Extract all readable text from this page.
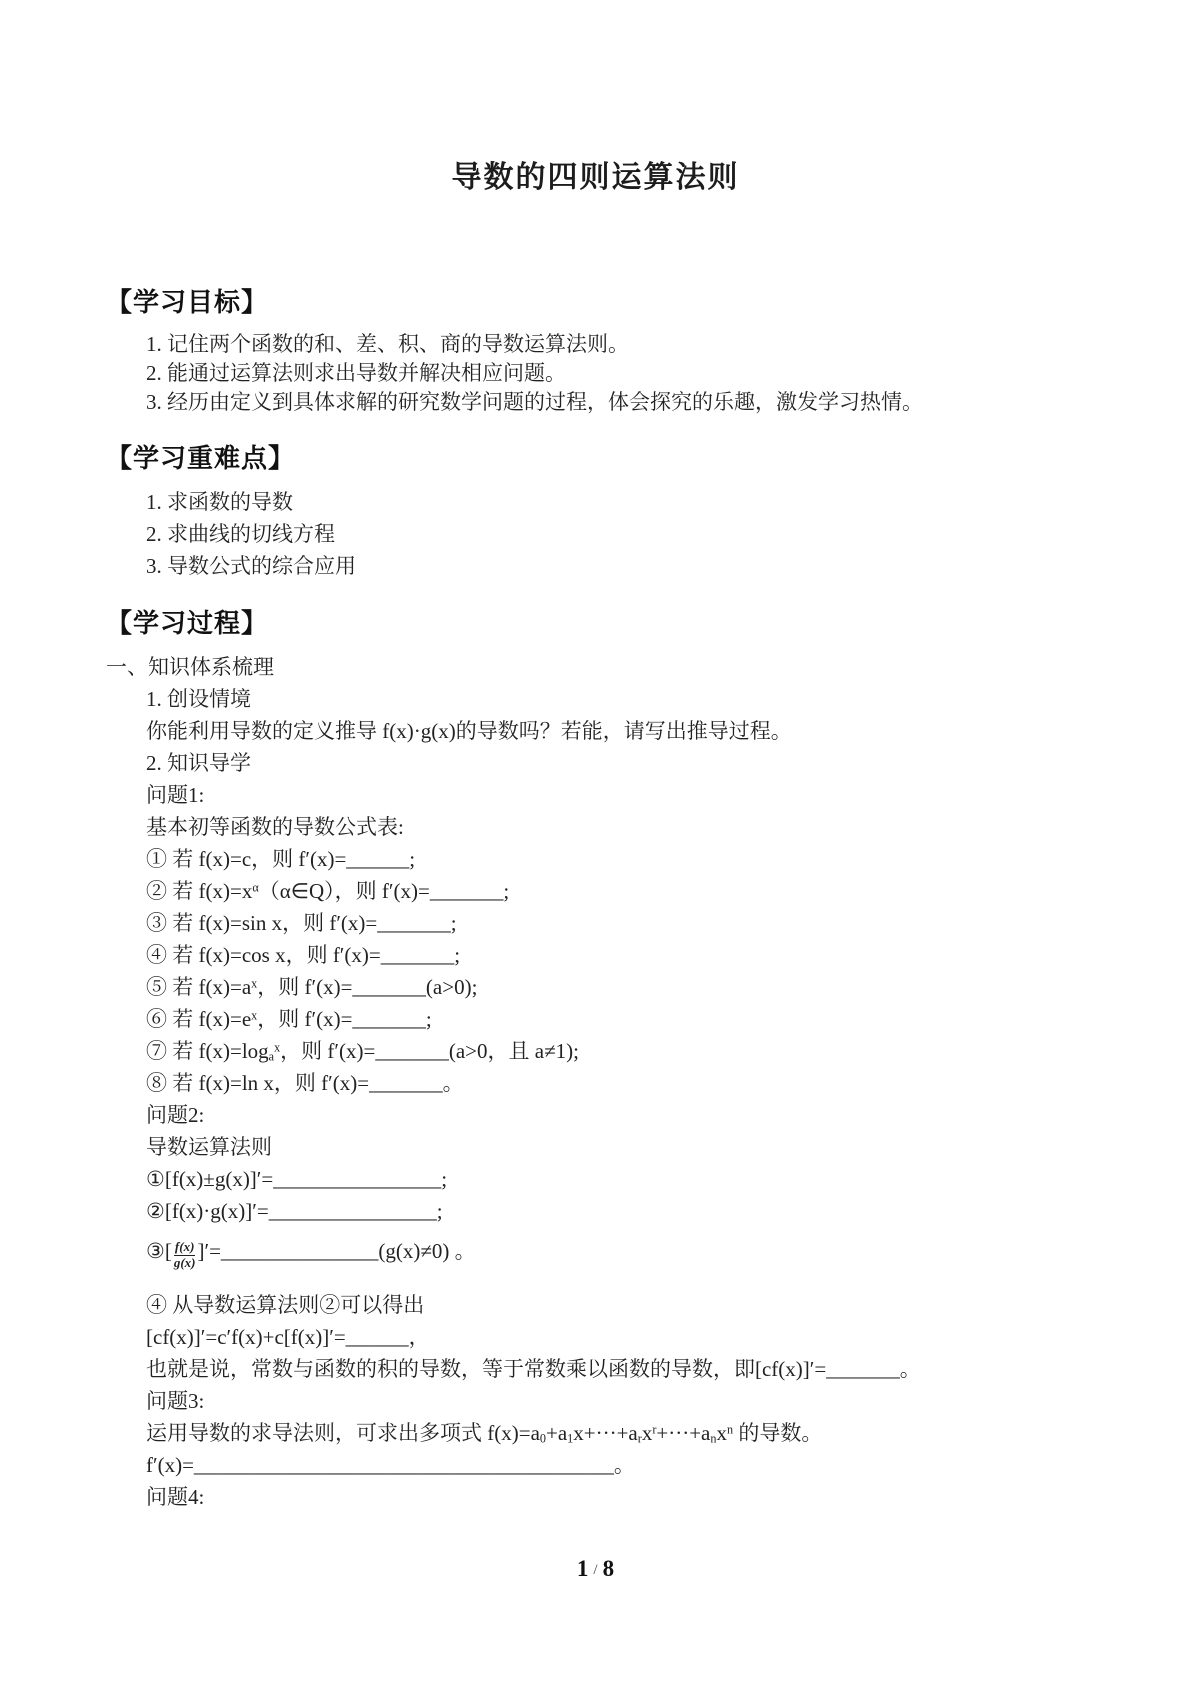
导数的四则运算法则
【学习目标】
1. 记住两个函数的和、差、积、商的导数运算法则。
2. 能通过运算法则求出导数并解决相应问题。
3. 经历由定义到具体求解的研究数学问题的过程，体会探究的乐趣，激发学习热情。
【学习重难点】
1. 求函数的导数
2. 求曲线的切线方程
3. 导数公式的综合应用
【学习过程】
一、知识体系梳理
1. 创设情境
你能利用导数的定义推导 f(x)·g(x)的导数吗？若能，请写出推导过程。
2. 知识导学
问题1:
基本初等函数的导数公式表:
① 若 f(x)=c，则 f′(x)=______;
② 若 $f(x)=x^\alpha(\alpha\in Q)$，则 f′(x)=_______;
③ 若 f(x)=sin x，则 f′(x)=_______;
④ 若 f(x)=cos x，则 f′(x)=_______;
⑤ 若 $f(x)=a^x$，则 f′(x)=_______(a>0);
⑥ 若 $f(x)=e^x$，则 f′(x)=_______;
⑦ 若 $f(x)=\log_a^x$，则 f′(x)=_______(a>0，且 a≠1);
⑧ 若 f(x)=ln x，则 f′(x)=_______。
问题2:
导数运算法则
①[f(x)±g(x)]′=________________;
②[f(x)·g(x)]′=________________;
③[ $\frac{f(x)}{g(x)}$ ]′=_______________(g(x)≠0) 。
④ 从导数运算法则②可以得出
[cf(x)]′=c′f(x)+c[f(x)]′=______，
也就是说，常数与函数的积的导数，等于常数乘以函数的导数，即[cf(x)]′=_______。
问题3:
运用导数的求导法则，可求出多项式 $f(x)=a_0+a_1x+\cdot\cdot\cdot+a_rx^r+\cdot\cdot\cdot+a_nx^n$ 的导数。
f′(x)=________________________________________。
问题4:
1 / 8
